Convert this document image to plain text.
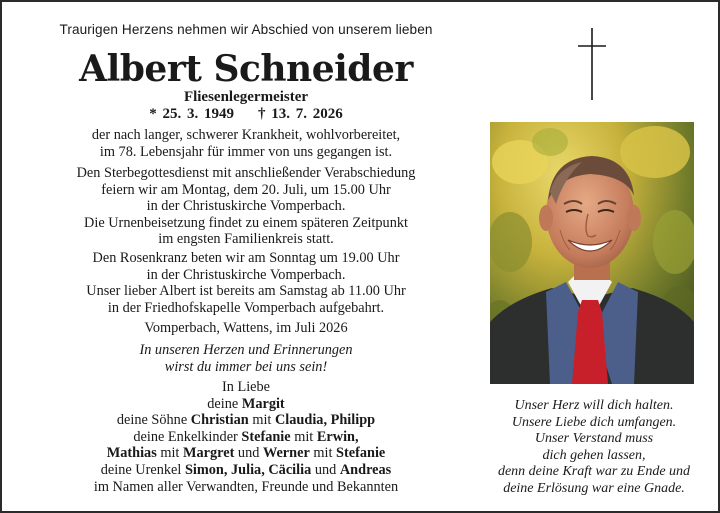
Traurigen Herzens nehmen wir Abschied von unserem lieben
Albert Schneider
Fliesenlegermeister
* 25. 3. 1949 † 13. 7. 2026

der nach langer, schwerer Krankheit, wohlvorbereitet,

im 78. Lebensjahr für immer von uns gegangen ist.

Den Sterbegottesdienst mit anschließender Verabschiedung

feiern wir am Montag, dem 20. Juli, um 15.00 Uhr

in der Christuskirche Vomperbach.

Die Urnenbeisetzung findet zu einem späteren Zeitpunkt

im engsten Familienkreis statt.

Den Rosenkranz beten wir am Sonntag um 19.00 Uhr

in der Christuskirche Vomperbach.

Unser lieber Albert ist bereits am Samstag ab 11.00 Uhr

in der Friedhofskapelle Vomperbach aufgebahrt.

Vomperbach, Wattens, im Juli 2026

In unseren Herzen und Erinnerungen

wirst du immer bei uns sein!

In Liebe

deine Margit

deine Söhne Christian mit Claudia, Philipp

deine Enkelkinder Stefanie mit Erwin,

Mathias mit Margret und Werner mit Stefanie

deine Urenkel Simon, Julia, Cäcilia und Andreas

im Namen aller Verwandten, Freunde und Bekannten

Unser Herz will dich halten.

Unsere Liebe dich umfangen.

Unser Verstand muss

dich gehen lassen,

denn deine Kraft war zu Ende und

deine Erlösung war eine Gnade.
